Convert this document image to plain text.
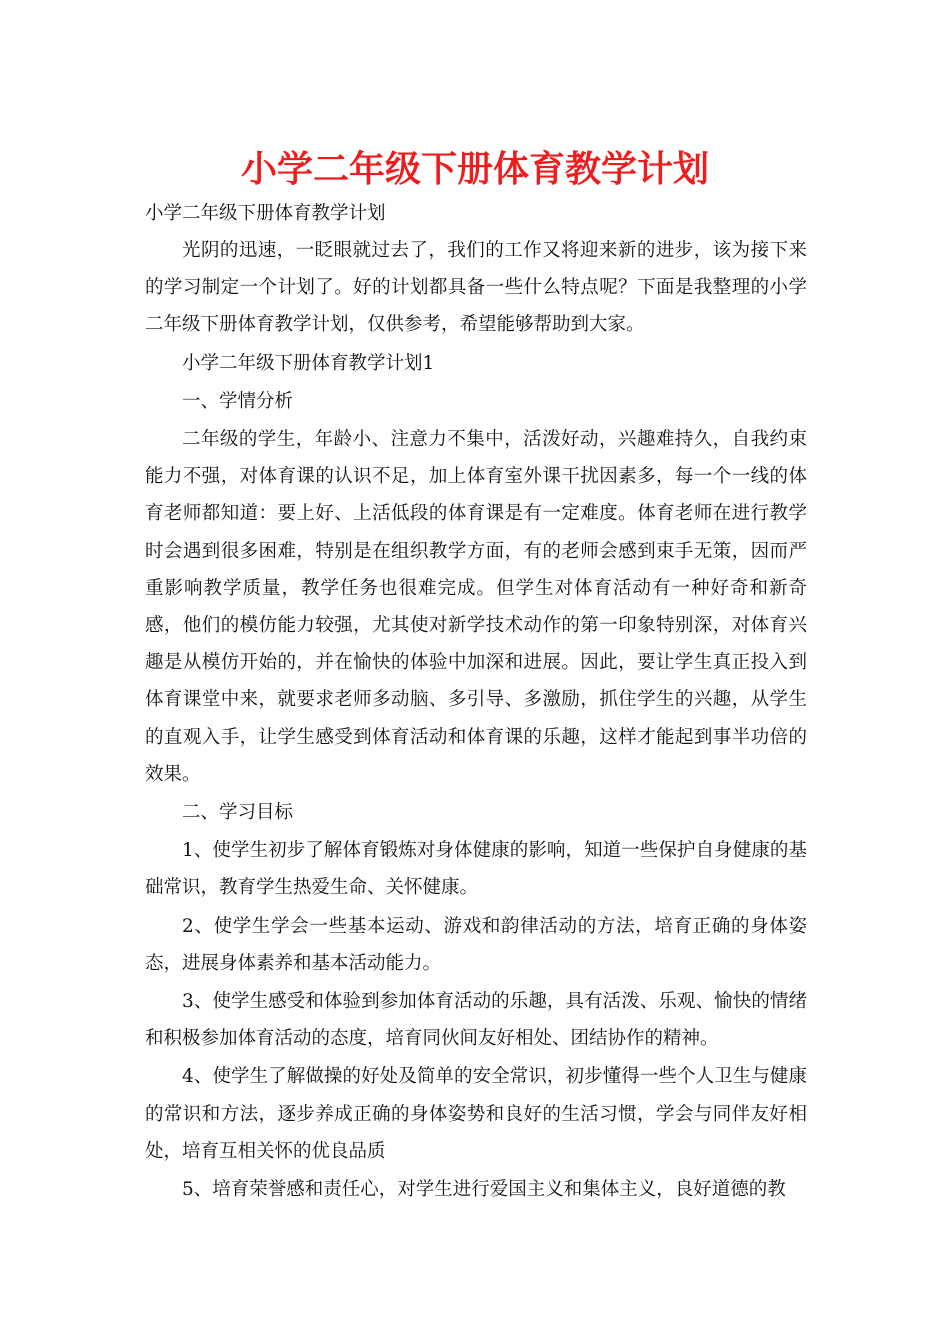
小学二年级下册体育教学计划

小学二年级下册体育教学计划

光阴的迅速，一眨眼就过去了，我们的工作又将迎来新的进步，该为接下来的学习制定一个计划了。好的计划都具备一些什么特点呢？下面是我整理的小学二年级下册体育教学计划，仅供参考，希望能够帮助到大家。

小学二年级下册体育教学计划1

一、学情分析

二年级的学生，年龄小、注意力不集中，活泼好动，兴趣难持久，自我约束能力不强，对体育课的认识不足，加上体育室外课干扰因素多，每一个一线的体育老师都知道：要上好、上活低段的体育课是有一定难度。体育老师在进行教学时会遇到很多困难，特别是在组织教学方面，有的老师会感到束手无策，因而严重影响教学质量，教学任务也很难完成。但学生对体育活动有一种好奇和新奇感，他们的模仿能力较强，尤其使对新学技术动作的第一印象特别深，对体育兴趣是从模仿开始的，并在愉快的体验中加深和进展。因此，要让学生真正投入到体育课堂中来，就要求老师多动脑、多引导、多激励，抓住学生的兴趣，从学生的直观入手，让学生感受到体育活动和体育课的乐趣，这样才能起到事半功倍的效果。

二、学习目标

1、使学生初步了解体育锻炼对身体健康的影响，知道一些保护自身健康的基础常识，教育学生热爱生命、关怀健康。

2、使学生学会一些基本运动、游戏和韵律活动的方法，培育正确的身体姿态，进展身体素养和基本活动能力。

3、使学生感受和体验到参加体育活动的乐趣，具有活泼、乐观、愉快的情绪和积极参加体育活动的态度，培育同伙间友好相处、团结协作的精神。

4、使学生了解做操的好处及简单的安全常识，初步懂得一些个人卫生与健康的常识和方法，逐步养成正确的身体姿势和良好的生活习惯，学会与同伴友好相处，培育互相关怀的优良品质

5、培育荣誉感和责任心，对学生进行爱国主义和集体主义，良好道德的教
